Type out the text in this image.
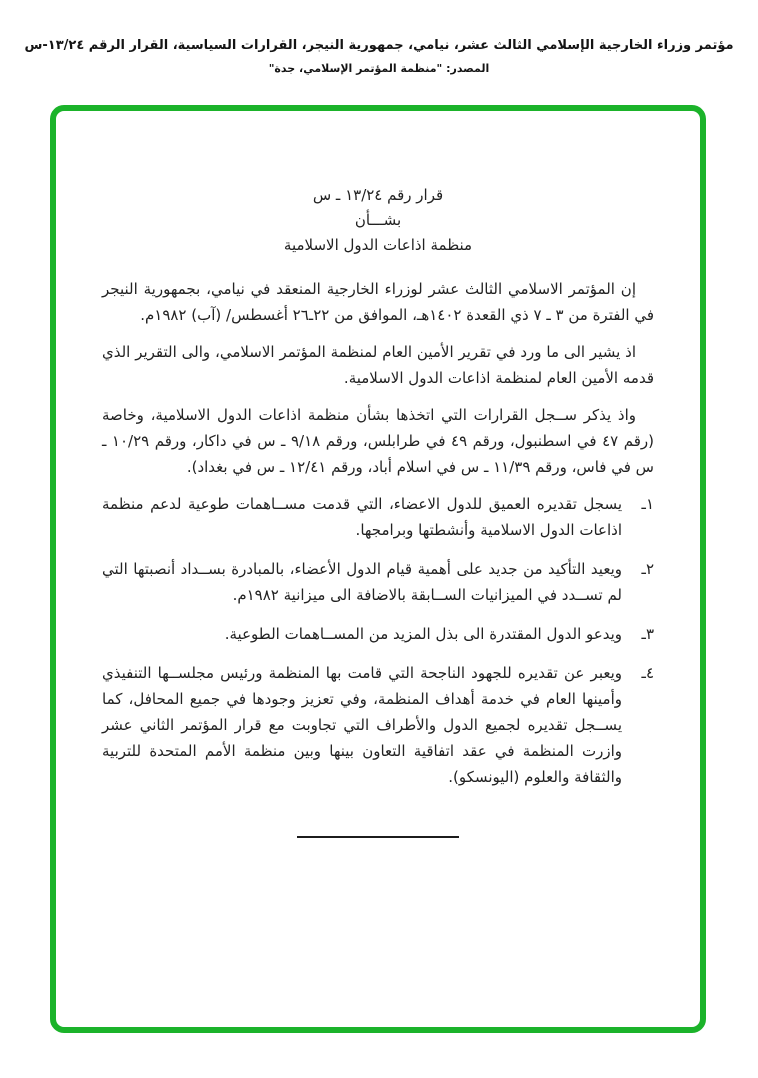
مؤتمر وزراء الخارجية الإسلامي الثالث عشر، نيامي، جمهورية النيجر، القرارات السياسية، القرار الرقم ١٣/٢٤-س
المصدر: "منظمة المؤتمر الإسلامي، جدة"
قرار رقم ١٣/٢٤ ـ س
بشـــأن
منظمة اذاعات الدول الاسلامية

إن المؤتمر الاسلامي الثالث عشر لوزراء الخارجية المنعقد في نيامي، بجمهورية النيجر في الفترة من ٣ ـ ٧ ذي القعدة ١٤٠٢هـ، الموافق من ٢٢ـ٢٦ أغسطس/ (آب) ١٩٨٢م.

اذ يشير الى ما ورد في تقرير الأمين العام لمنظمة المؤتمر الاسلامي، والى التقرير الذي قدمه الأمين العام لمنظمة اذاعات الدول الاسلامية.

واذ يذكر ســجل القرارات التي اتخذها بشأن منظمة اذاعات الدول الاسلامية، وخاصة (رقم ٤٧ في اسطنبول، ورقم ٤٩ في طرابلس، ورقم ٩/١٨ ـ س في داكار، ورقم ١٠/٢٩ ـ س في فاس، ورقم ١١/٣٩ ـ س في اسلام أباد، ورقم ١٢/٤١ ـ س في بغداد).

١ـ
يسجل تقديره العميق للدول الاعضاء، التي قدمت مســاهمات طوعية لدعم منظمة اذاعات الدول الاسلامية وأنشطتها وبرامجها.
٢ـ
ويعيد التأكيد من جديد على أهمية قيام الدول الأعضاء، بالمبادرة بســداد أنصبتها التي لم تســدد في الميزانيات الســابقة بالاضافة الى ميزانية ١٩٨٢م.
٣ـ
ويدعو الدول المقتدرة الى بذل المزيد من المســاهمات الطوعية.
٤ـ
ويعبر عن تقديره للجهود الناجحة التي قامت بها المنظمة ورئيس مجلســها التنفيذي وأمينها العام في خدمة أهداف المنظمة، وفي تعزيز وجودها في جميع المحافل، كما يســجل تقديره لجميع الدول والأطراف التي تجاوبت مع قرار المؤتمر الثاني عشر وازرت المنظمة في عقد اتفاقية التعاون بينها وبين منظمة الأمم المتحدة للتربية والثقافة والعلوم (اليونسكو).
